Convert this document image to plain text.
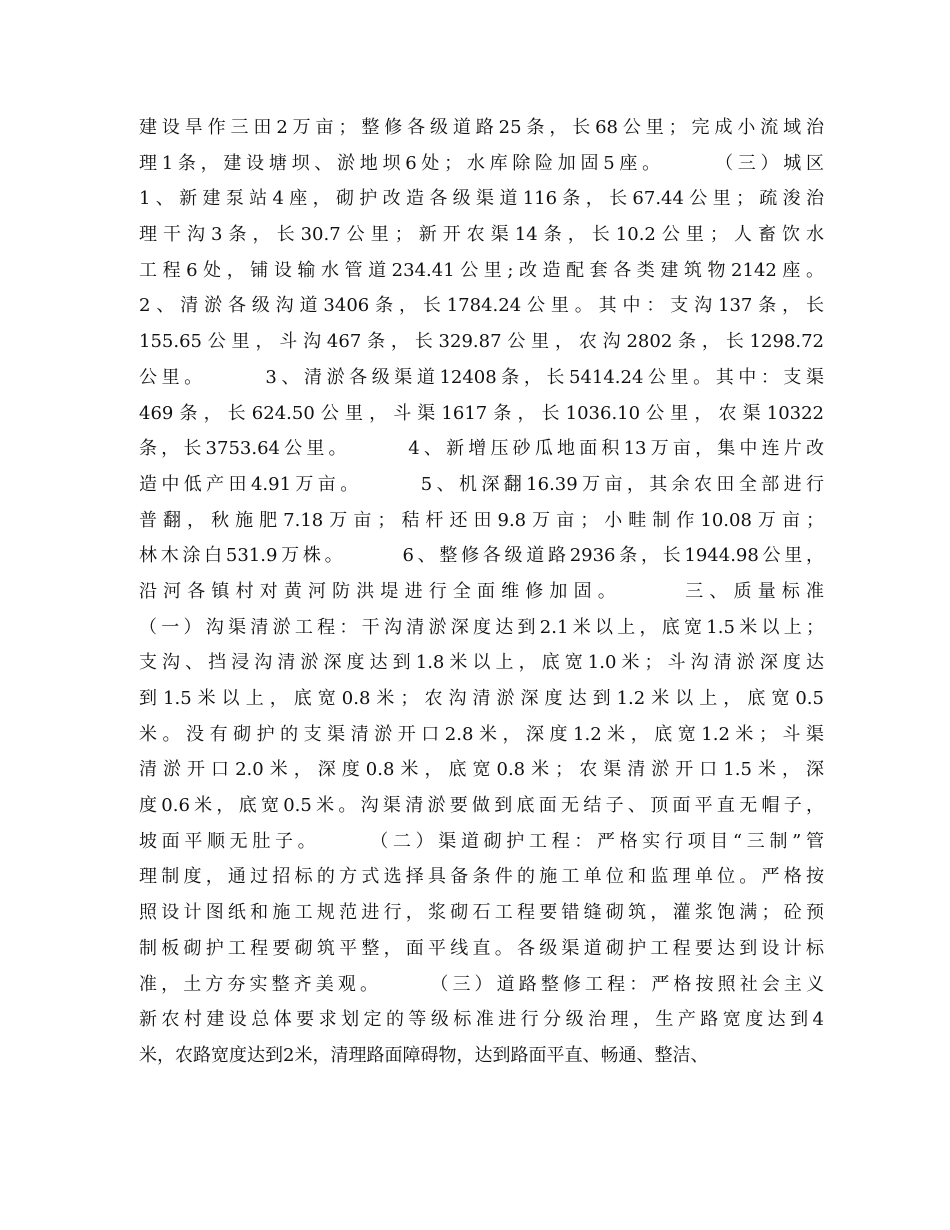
建设旱作三田2万亩；整修各级道路25条，长68公里；完成小流域治
理1条，建设塘坝、淤地坝6处；水库除险加固5座。　　　（三）城区
1、新建泵站4座，砌护改造各级渠道116条，长67.44公里；疏浚治
理干沟3条，长30.7公里；新开农渠14条，长10.2公里；人畜饮水
工程6处，铺设输水管道234.41公里;改造配套各类建筑物2142座。
2、清淤各级沟道3406条，长1784.24公里。其中：支沟137条，长
155.65公里，斗沟467条，长329.87公里，农沟2802条，长1298.72
公里。　　　3、清淤各级渠道12408条，长5414.24公里。其中：支渠
469条，长624.50公里，斗渠1617条，长1036.10公里，农渠10322
条，长3753.64公里。　　　4、新增压砂瓜地面积13万亩，集中连片改
造中低产田4.91万亩。　　　5、机深翻16.39万亩，其余农田全部进行
普翻，秋施肥7.18万亩；秸杆还田9.8万亩；小畦制作10.08万亩；
林木涂白531.9万株。　　　6、整修各级道路2936条，长1944.98公里，
沿河各镇村对黄河防洪堤进行全面维修加固。　　　三、质量标准
（一）沟渠清淤工程：干沟清淤深度达到2.1米以上，底宽1.5米以上；
支沟、挡浸沟清淤深度达到1.8米以上，底宽1.0米；斗沟清淤深度达
到1.5米以上，底宽0.8米；农沟清淤深度达到1.2米以上，底宽0.5
米。没有砌护的支渠清淤开口2.8米，深度1.2米，底宽1.2米；斗渠
清淤开口2.0米，深度0.8米，底宽0.8米；农渠清淤开口1.5米，深
度0.6米，底宽0.5米。沟渠清淤要做到底面无结子、顶面平直无帽子，
坡面平顺无肚子。　　　（二）渠道砌护工程：严格实行项目“三制”管
理制度，通过招标的方式选择具备条件的施工单位和监理单位。严格按
照设计图纸和施工规范进行，浆砌石工程要错缝砌筑，灌浆饱满；砼预
制板砌护工程要砌筑平整，面平线直。各级渠道砌护工程要达到设计标
准，土方夯实整齐美观。　　　（三）道路整修工程：严格按照社会主义
新农村建设总体要求划定的等级标准进行分级治理，生产路宽度达到4
米，农路宽度达到2米，清理路面障碍物，达到路面平直、畅通、整洁、
